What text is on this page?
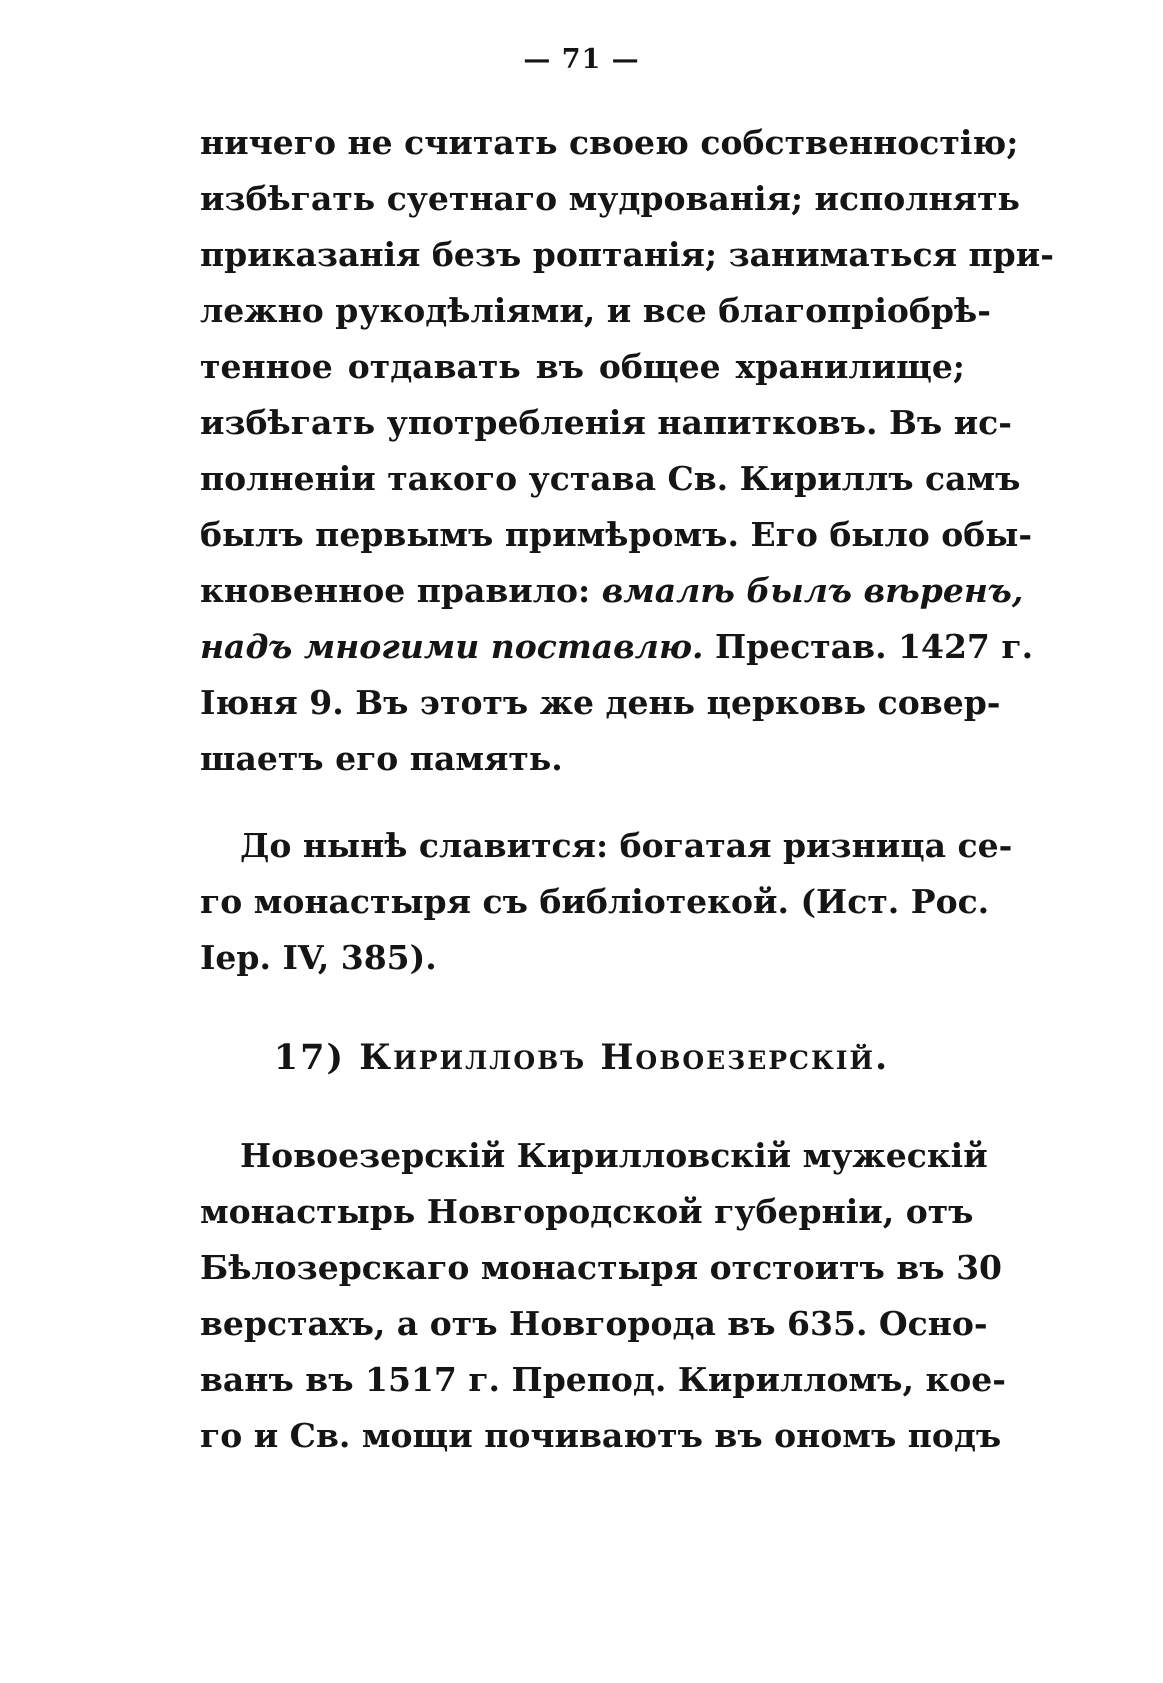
— 71 —
ничего не считать своею собственностію;
избѣгать суетнаго мудрованія; исполнять
приказанія безъ роптанія; заниматься при-
лежно рукодѣліями, и все благопріобрѣ-
тенное отдавать въ общее хранилище;
избѣгать употребленія напитковъ. Въ ис-
полненіи такого устава Св. Кириллъ самъ
былъ первымъ примѣромъ. Его было обы-
кновенное правило: вмалѣ былъ вѣренъ,
надъ многими поставлю. Престав. 1427 г.
Іюня 9. Въ этотъ же день церковь совер-
шаетъ его память.
До нынѣ славится: богатая ризница се-
го монастыря съ библіотекой. (Ист. Рос.
Іер. IV, 385).
17) Кирилловъ Новоезерскій.
Новоезерскій Кирилловскій мужескій
монастырь Новгородской губерніи, отъ
Бѣлозерскаго монастыря отстоитъ въ 30
верстахъ, а отъ Новгорода въ 635. Осно-
ванъ въ 1517 г. Препод. Кирилломъ, кое-
го и Св. мощи почиваютъ въ ономъ подъ
